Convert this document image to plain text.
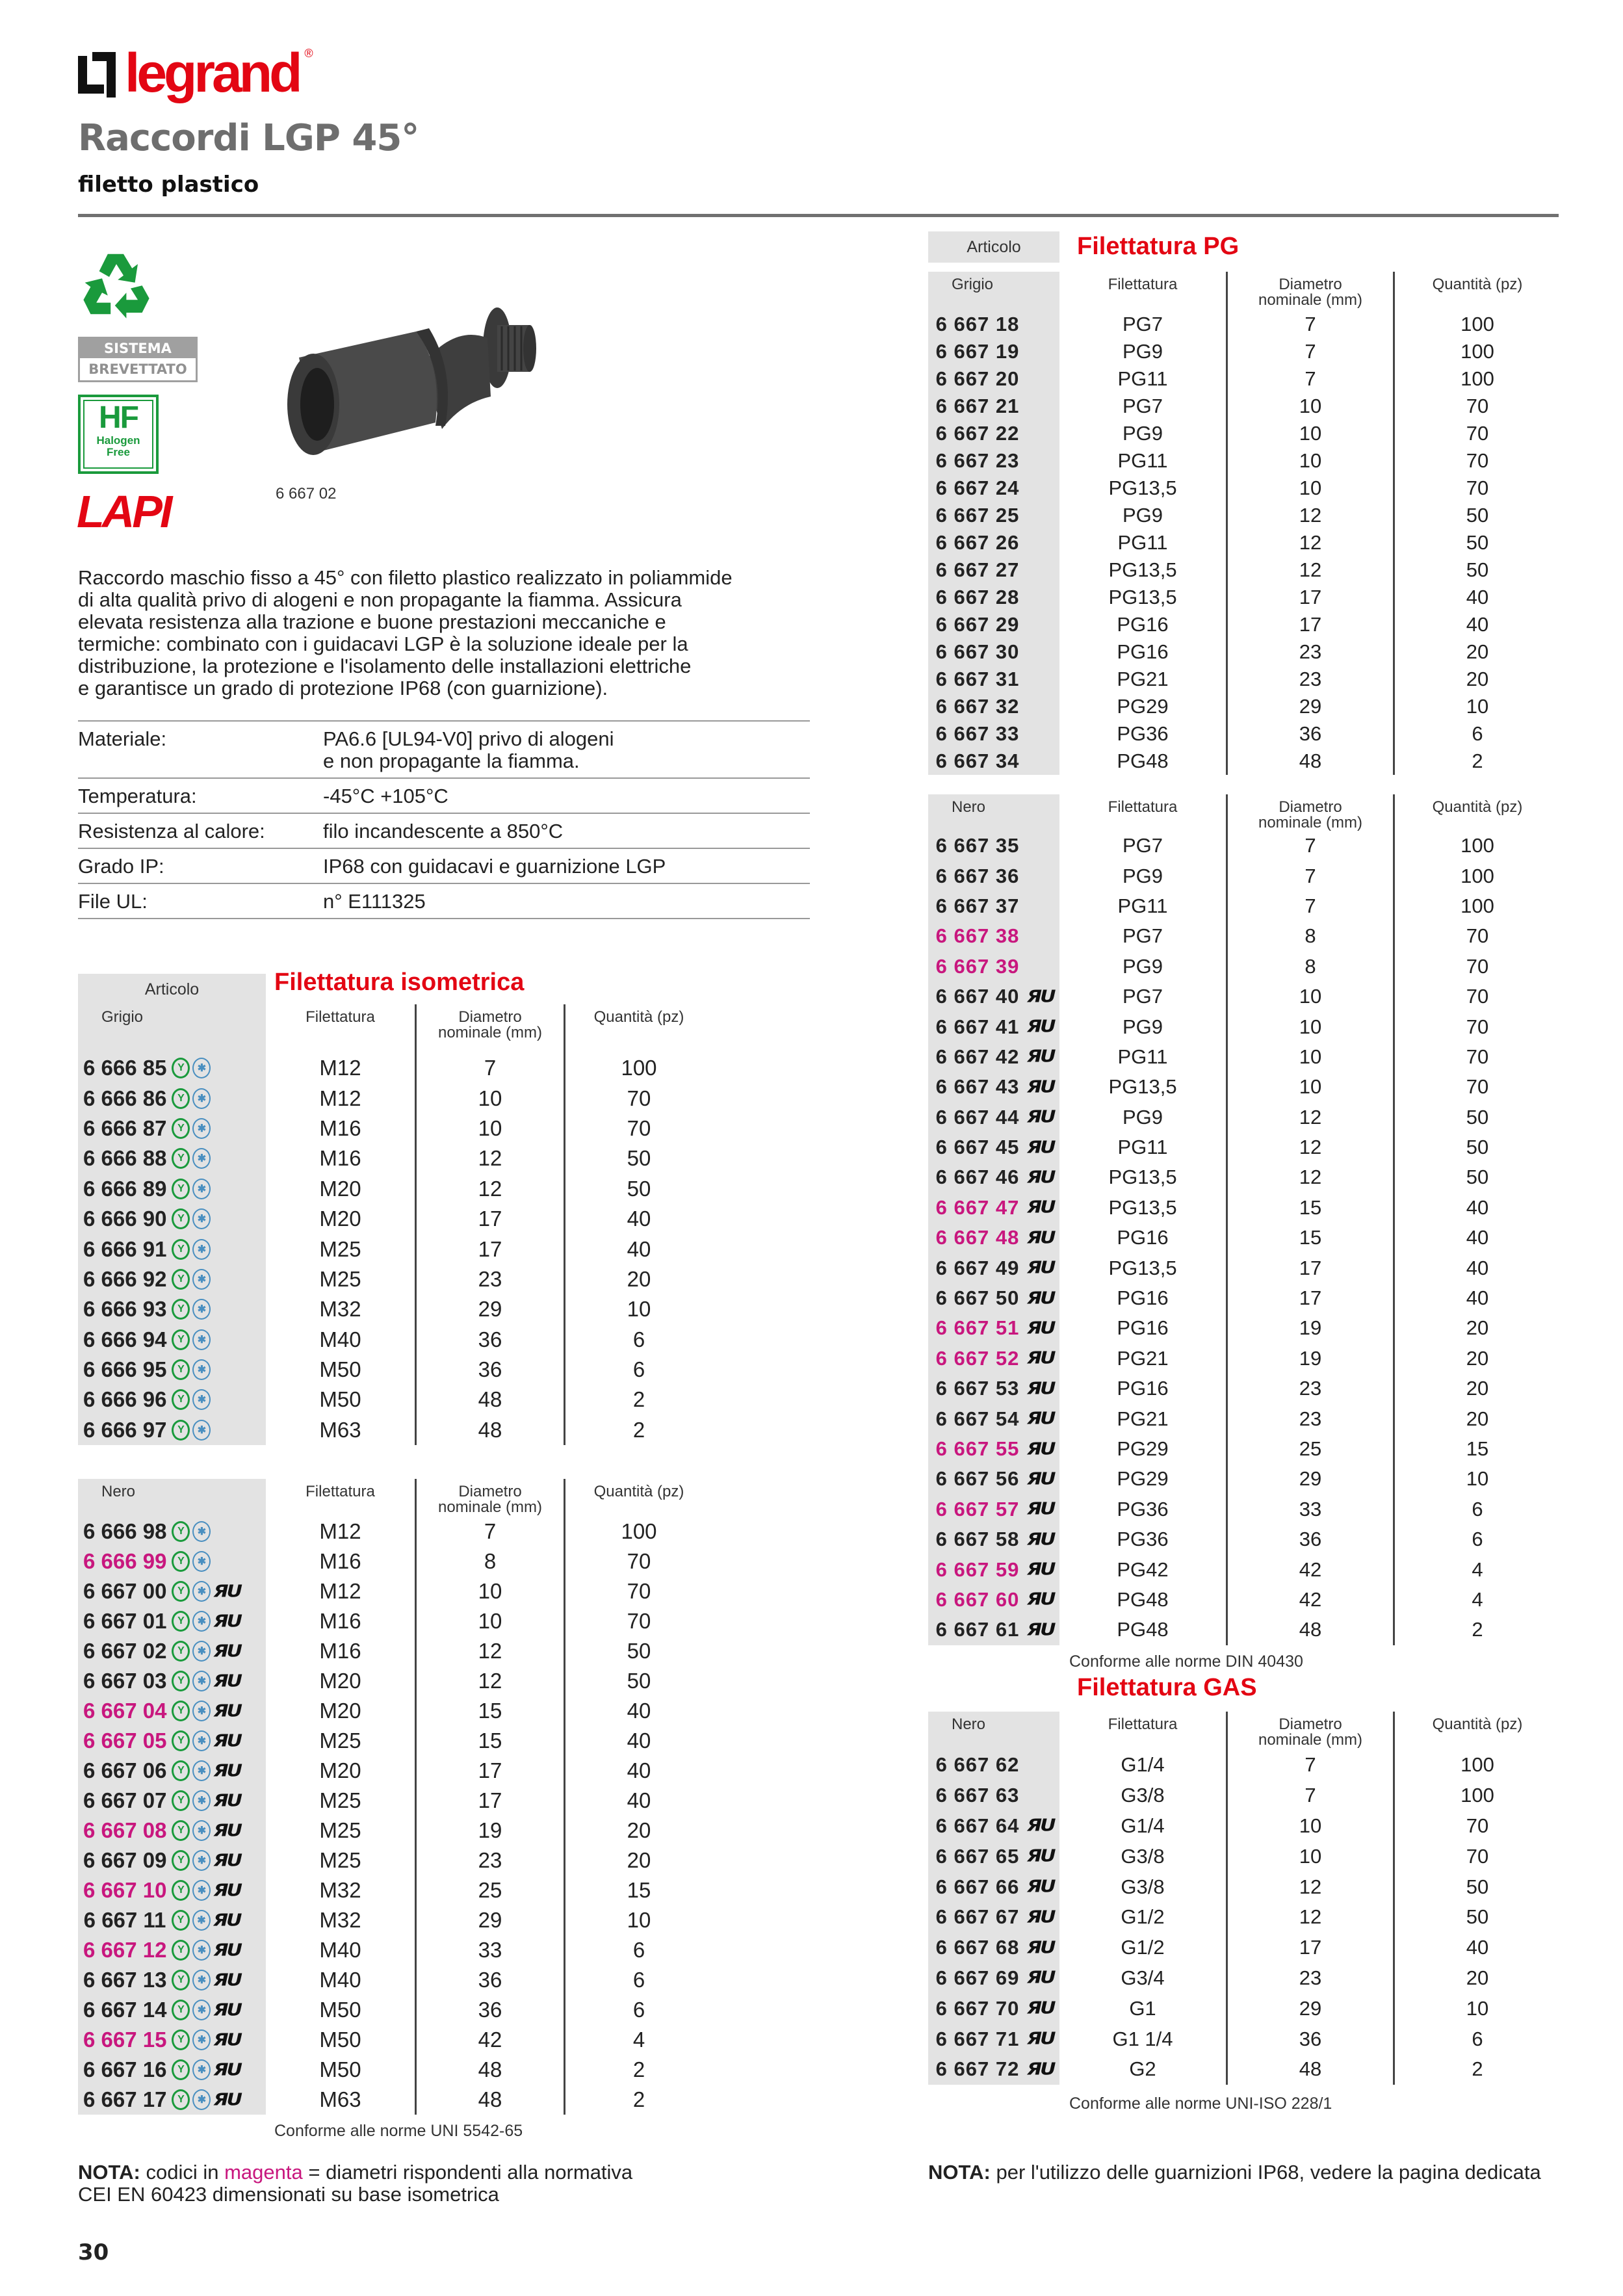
legrand ®
Raccordi LGP 45°
filetto plastico
SISTEMA
BREVETTATO
HF
Halogen
Free
LAPI	6 667 02
Raccordo maschio fisso a 45° con filetto plastico realizzato in poliammide
di alta qualità privo di alogeni e non propagante la fiamma. Assicura
elevata resistenza alla trazione e buone prestazioni meccaniche e
termiche: combinato con i guidacavi LGP è la soluzione ideale per la
distribuzione, la protezione e l'isolamento delle installazioni elettriche
e garantisce un grado di protezione IP68 (con guarnizione).
Materiale:	PA6.6 [UL94-V0] privo di alogeni
e non propagante la fiamma.
Temperatura:	-45°C +105°C
Resistenza al calore:	filo incandescente a 850°C
Grado IP:	IP68 con guidacavi e guarnizione LGP
File UL:	n° E111325
Articolo	Filettatura isometrica
Grigio	Filettatura	Diametro
nominale (mm)
Quantità (pz)
6 666 85	Y	✱	M12	7	100
6 666 86	Y	✱	M12	10	70
6 666 87	Y	✱	M16	10	70
6 666 88	Y	✱	M16	12	50
6 666 89	Y	✱	M20	12	50
6 666 90	Y	✱	M20	17	40
6 666 91	Y	✱	M25	17	40
6 666 92	Y	✱	M25	23	20
6 666 93	Y	✱	M32	29	10
6 666 94	Y	✱	M40	36	6
6 666 95	Y	✱	M50	36	6
6 666 96	Y	✱	M50	48	2
6 666 97	Y	✱	M63	48	2
Nero	Filettatura	Diametro
nominale (mm)
Quantità (pz)
6 666 98	Y	✱	M12	7	100
6 666 99	Y	✱	M16	8	70
6 667 00	Y	✱ ЯU	M12	10	70
6 667 01	Y	✱ ЯU	M16	10	70
6 667 02	Y	✱ ЯU	M16	12	50
6 667 03	Y	✱ ЯU	M20	12	50
6 667 04	Y	✱ ЯU	M20	15	40
6 667 05	Y	✱ ЯU	M25	15	40
6 667 06	Y	✱ ЯU	M20	17	40
6 667 07	Y	✱ ЯU	M25	17	40
6 667 08	Y	✱ ЯU	M25	19	20
6 667 09	Y	✱ ЯU	M25	23	20
6 667 10	Y	✱ ЯU	M32	25	15
6 667 11	Y	✱ ЯU	M32	29	10
6 667 12	Y	✱ ЯU	M40	33	6
6 667 13	Y	✱ ЯU	M40	36	6
6 667 14	Y	✱ ЯU	M50	36	6
6 667 15	Y	✱ ЯU	M50	42	4
6 667 16	Y	✱ ЯU	M50	48	2
6 667 17	Y	✱ ЯU	M63	48	2
Conforme alle norme UNI 5542-65
Articolo	Filettatura PG
Grigio	Filettatura	Diametro
nominale (mm)
Quantità (pz)
6 667 18	PG7	7	100
6 667 19	PG9	7	100
6 667 20	PG11	7	100
6 667 21	PG7	10	70
6 667 22	PG9	10	70
6 667 23	PG11	10	70
6 667 24	PG13,5	10	70
6 667 25	PG9	12	50
6 667 26	PG11	12	50
6 667 27	PG13,5	12	50
6 667 28	PG13,5	17	40
6 667 29	PG16	17	40
6 667 30	PG16	23	20
6 667 31	PG21	23	20
6 667 32	PG29	29	10
6 667 33	PG36	36	6
6 667 34	PG48	48	2
Nero	Filettatura	Diametro
nominale (mm)
Quantità (pz)
6 667 35	PG7	7	100
6 667 36	PG9	7	100
6 667 37	PG11	7	100
6 667 38	PG7	8	70
6 667 39	PG9	8	70
6 667 40 ЯU	PG7	10	70
6 667 41 ЯU	PG9	10	70
6 667 42 ЯU	PG11	10	70
6 667 43 ЯU	PG13,5	10	70
6 667 44 ЯU	PG9	12	50
6 667 45 ЯU	PG11	12	50
6 667 46 ЯU	PG13,5	12	50
6 667 47 ЯU	PG13,5	15	40
6 667 48 ЯU	PG16	15	40
6 667 49 ЯU	PG13,5	17	40
6 667 50 ЯU	PG16	17	40
6 667 51 ЯU	PG16	19	20
6 667 52 ЯU	PG21	19	20
6 667 53 ЯU	PG16	23	20
6 667 54 ЯU	PG21	23	20
6 667 55 ЯU	PG29	25	15
6 667 56 ЯU	PG29	29	10
6 667 57 ЯU	PG36	33	6
6 667 58 ЯU	PG36	36	6
6 667 59 ЯU	PG42	42	4
6 667 60 ЯU	PG48	42	4
6 667 61 ЯU	PG48	48	2
Conforme alle norme DIN 40430
Filettatura GAS
Nero	Filettatura	Diametro
nominale (mm)
Quantità (pz)
6 667 62	G1/4	7	100
6 667 63	G3/8	7	100
6 667 64 ЯU	G1/4	10	70
6 667 65 ЯU	G3/8	10	70
6 667 66 ЯU	G3/8	12	50
6 667 67 ЯU	G1/2	12	50
6 667 68 ЯU	G1/2	17	40
6 667 69 ЯU	G3/4	23	20
6 667 70 ЯU	G1	29	10
6 667 71 ЯU	G1 1/4	36	6
6 667 72 ЯU	G2	48	2
Conforme alle norme UNI-ISO 228/1
NOTA: codici in magenta = diametri rispondenti alla normativa
CEI EN 60423 dimensionati su base isometrica
NOTA: per l'utilizzo delle guarnizioni IP68, vedere la pagina dedicata
30
